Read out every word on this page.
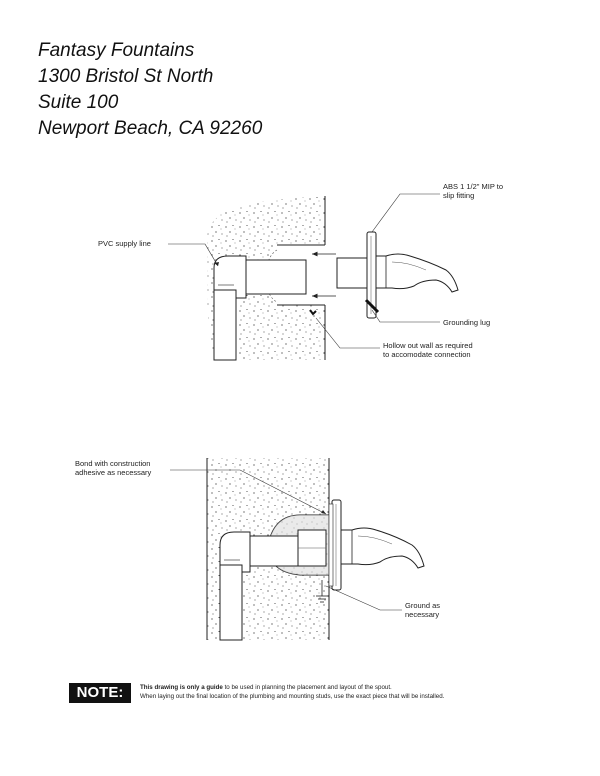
Fantasy Fountains
1300 Bristol St North
Suite 100
Newport Beach, CA 92260
PVC supply line
ABS 1 1/2" MIP to
slip fitting
Grounding lug
Hollow out wall as required
to accomodate connection
Bond with construction
adhesive as necessary
Ground as
necessary
NOTE:	This drawing is only a guide to be used in planning the placement and layout of the spout.
When laying out the final location of the plumbing and mounting studs, use the exact piece that will be installed.
